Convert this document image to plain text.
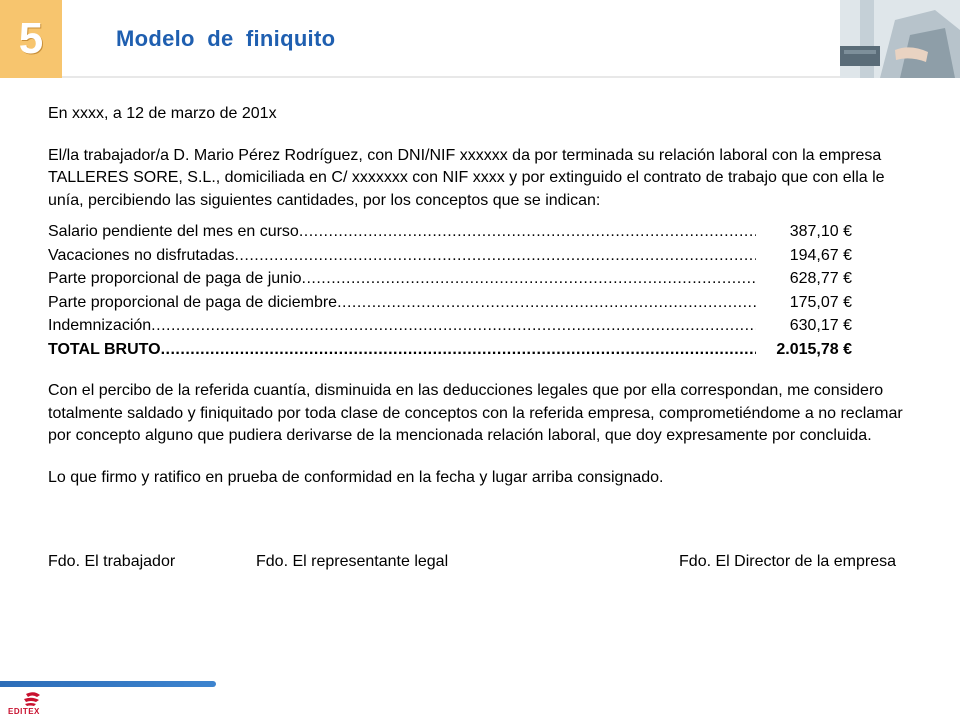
5	Modelo de finiquito

En xxxx, a 12 de marzo de 201x

El/la trabajador/a D. Mario Pérez Rodríguez, con DNI/NIF xxxxxx da por terminada su relación laboral con la empresa TALLERES SORE, S.L., domiciliada en C/ xxxxxxx con NIF xxxx y por extinguido el contrato de trabajo que con ella le unía, percibiendo las siguientes cantidades, por los conceptos que se indican:

Salario pendiente del mes en curso .....	387,10 €
Vacaciones no disfrutadas .....	194,67 €
Parte proporcional de paga de junio .....	628,77 €
Parte proporcional de paga de diciembre .....	175,07 €
Indemnización .....	630,17 €
TOTAL BRUTO .....	2.015,78 €

Con el percibo de la referida cuantía, disminuida en las deducciones legales que por ella correspondan, me considero totalmente saldado y finiquitado por toda clase de conceptos con la referida empresa, comprometiéndome a no reclamar por concepto alguno que pudiera derivarse de la mencionada relación laboral, que doy expresamente por concluida.

Lo que firmo y ratifico en prueba de conformidad en la fecha y lugar arriba consignado.

Fdo. El trabajador	Fdo. El representante legal	Fdo. El Director de la empresa
EDITEX
